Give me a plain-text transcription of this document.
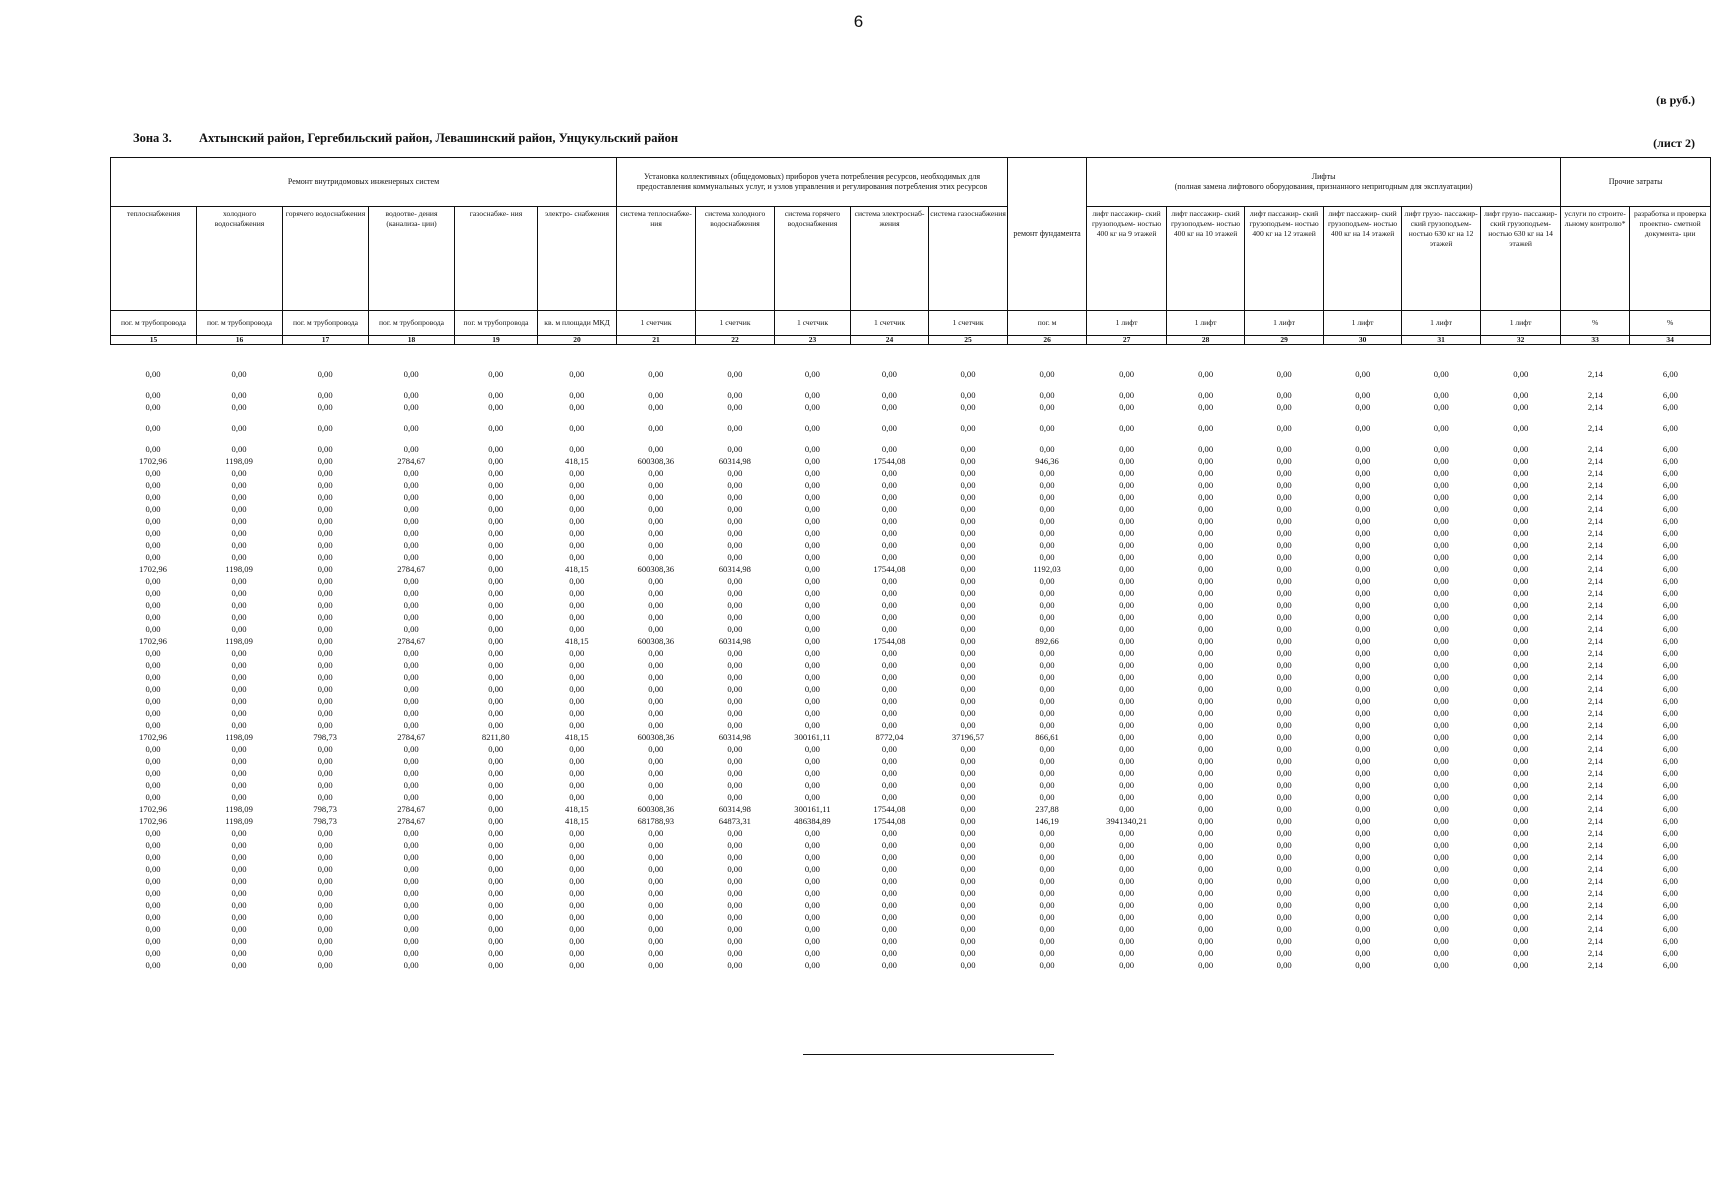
6
(в руб.)
Зона 3. Ахтынский район, Гергебильский район, Левашинский район, Унцукульский район	(лист 2)
Ремонт внутридомовых инженерных систем						Установка коллективных (общедомовых) приборов учета потребления ресурсов, необходимых для предоставления коммунальных услуг, и узлов управления и регулирования потребления этих ресурсов					ремонт фундамента	Лифты
(полная замена лифтового оборудования, признанного непригодным для эксплуатации)						Прочие затраты	
теплоснабжения	холодного водоснабжения	горячего водоснабжения	водоотве- дения (канализа- ции)	газоснабже- ния	электро- снабжения	система теплоснабже- ния	система холодного водоснабжения	система горячего водоснабжения	система электроснаб- жения	система газоснабжения		лифт пассажир- ский грузоподъем- ностью 400 кг на 9 этажей	лифт пассажир- ский грузоподъем- ностью 400 кг на 10 этажей	лифт пассажир- ский грузоподъем- ностью 400 кг на 12 этажей	лифт пассажир- ский грузоподъем- ностью 400 кг на 14 этажей	лифт грузо- пассажир- ский грузоподъем- ностью 630 кг на 12 этажей	лифт грузо- пассажир- ский грузоподъем- ностью 630 кг на 14 этажей	услуги по строите- льному контролю*	разработка и проверка проектно- сметной документа- ции
пог. м трубопровода	пог. м трубопровода	пог. м трубопровода	пог. м трубопровода	пог. м трубопровода	кв. м площади МКД	1 счетчик	1 счетчик	1 счетчик	1 счетчик	1 счетчик	пог. м	1 лифт	1 лифт	1 лифт	1 лифт	1 лифт	1 лифт	%	%
15	16	17	18	19	20	21	22	23	24	25	26	27	28	29	30	31	32	33	34
0,00	0,00	0,00	0,00	0,00	0,00	0,00	0,00	0,00	0,00	0,00	0,00	0,00	0,00	0,00	0,00	0,00	0,00	2,14	6,00

0,00	0,00	0,00	0,00	0,00	0,00	0,00	0,00	0,00	0,00	0,00	0,00	0,00	0,00	0,00	0,00	0,00	0,00	2,14	6,00
0,00	0,00	0,00	0,00	0,00	0,00	0,00	0,00	0,00	0,00	0,00	0,00	0,00	0,00	0,00	0,00	0,00	0,00	2,14	6,00

0,00	0,00	0,00	0,00	0,00	0,00	0,00	0,00	0,00	0,00	0,00	0,00	0,00	0,00	0,00	0,00	0,00	0,00	2,14	6,00

0,00	0,00	0,00	0,00	0,00	0,00	0,00	0,00	0,00	0,00	0,00	0,00	0,00	0,00	0,00	0,00	0,00	0,00	2,14	6,00
1702,96	1198,09	0,00	2784,67	0,00	418,15	600308,36	60314,98	0,00	17544,08	0,00	946,36	0,00	0,00	0,00	0,00	0,00	0,00	2,14	6,00
0,00	0,00	0,00	0,00	0,00	0,00	0,00	0,00	0,00	0,00	0,00	0,00	0,00	0,00	0,00	0,00	0,00	0,00	2,14	6,00
0,00	0,00	0,00	0,00	0,00	0,00	0,00	0,00	0,00	0,00	0,00	0,00	0,00	0,00	0,00	0,00	0,00	0,00	2,14	6,00
0,00	0,00	0,00	0,00	0,00	0,00	0,00	0,00	0,00	0,00	0,00	0,00	0,00	0,00	0,00	0,00	0,00	0,00	2,14	6,00
0,00	0,00	0,00	0,00	0,00	0,00	0,00	0,00	0,00	0,00	0,00	0,00	0,00	0,00	0,00	0,00	0,00	0,00	2,14	6,00
0,00	0,00	0,00	0,00	0,00	0,00	0,00	0,00	0,00	0,00	0,00	0,00	0,00	0,00	0,00	0,00	0,00	0,00	2,14	6,00
0,00	0,00	0,00	0,00	0,00	0,00	0,00	0,00	0,00	0,00	0,00	0,00	0,00	0,00	0,00	0,00	0,00	0,00	2,14	6,00
0,00	0,00	0,00	0,00	0,00	0,00	0,00	0,00	0,00	0,00	0,00	0,00	0,00	0,00	0,00	0,00	0,00	0,00	2,14	6,00
0,00	0,00	0,00	0,00	0,00	0,00	0,00	0,00	0,00	0,00	0,00	0,00	0,00	0,00	0,00	0,00	0,00	0,00	2,14	6,00
1702,96	1198,09	0,00	2784,67	0,00	418,15	600308,36	60314,98	0,00	17544,08	0,00	1192,03	0,00	0,00	0,00	0,00	0,00	0,00	2,14	6,00
0,00	0,00	0,00	0,00	0,00	0,00	0,00	0,00	0,00	0,00	0,00	0,00	0,00	0,00	0,00	0,00	0,00	0,00	2,14	6,00
0,00	0,00	0,00	0,00	0,00	0,00	0,00	0,00	0,00	0,00	0,00	0,00	0,00	0,00	0,00	0,00	0,00	0,00	2,14	6,00
0,00	0,00	0,00	0,00	0,00	0,00	0,00	0,00	0,00	0,00	0,00	0,00	0,00	0,00	0,00	0,00	0,00	0,00	2,14	6,00
0,00	0,00	0,00	0,00	0,00	0,00	0,00	0,00	0,00	0,00	0,00	0,00	0,00	0,00	0,00	0,00	0,00	0,00	2,14	6,00
0,00	0,00	0,00	0,00	0,00	0,00	0,00	0,00	0,00	0,00	0,00	0,00	0,00	0,00	0,00	0,00	0,00	0,00	2,14	6,00
1702,96	1198,09	0,00	2784,67	0,00	418,15	600308,36	60314,98	0,00	17544,08	0,00	892,66	0,00	0,00	0,00	0,00	0,00	0,00	2,14	6,00
0,00	0,00	0,00	0,00	0,00	0,00	0,00	0,00	0,00	0,00	0,00	0,00	0,00	0,00	0,00	0,00	0,00	0,00	2,14	6,00
0,00	0,00	0,00	0,00	0,00	0,00	0,00	0,00	0,00	0,00	0,00	0,00	0,00	0,00	0,00	0,00	0,00	0,00	2,14	6,00
0,00	0,00	0,00	0,00	0,00	0,00	0,00	0,00	0,00	0,00	0,00	0,00	0,00	0,00	0,00	0,00	0,00	0,00	2,14	6,00
0,00	0,00	0,00	0,00	0,00	0,00	0,00	0,00	0,00	0,00	0,00	0,00	0,00	0,00	0,00	0,00	0,00	0,00	2,14	6,00
0,00	0,00	0,00	0,00	0,00	0,00	0,00	0,00	0,00	0,00	0,00	0,00	0,00	0,00	0,00	0,00	0,00	0,00	2,14	6,00
0,00	0,00	0,00	0,00	0,00	0,00	0,00	0,00	0,00	0,00	0,00	0,00	0,00	0,00	0,00	0,00	0,00	0,00	2,14	6,00
0,00	0,00	0,00	0,00	0,00	0,00	0,00	0,00	0,00	0,00	0,00	0,00	0,00	0,00	0,00	0,00	0,00	0,00	2,14	6,00
1702,96	1198,09	798,73	2784,67	8211,80	418,15	600308,36	60314,98	300161,11	8772,04	37196,57	866,61	0,00	0,00	0,00	0,00	0,00	0,00	2,14	6,00
0,00	0,00	0,00	0,00	0,00	0,00	0,00	0,00	0,00	0,00	0,00	0,00	0,00	0,00	0,00	0,00	0,00	0,00	2,14	6,00
0,00	0,00	0,00	0,00	0,00	0,00	0,00	0,00	0,00	0,00	0,00	0,00	0,00	0,00	0,00	0,00	0,00	0,00	2,14	6,00
0,00	0,00	0,00	0,00	0,00	0,00	0,00	0,00	0,00	0,00	0,00	0,00	0,00	0,00	0,00	0,00	0,00	0,00	2,14	6,00
0,00	0,00	0,00	0,00	0,00	0,00	0,00	0,00	0,00	0,00	0,00	0,00	0,00	0,00	0,00	0,00	0,00	0,00	2,14	6,00
0,00	0,00	0,00	0,00	0,00	0,00	0,00	0,00	0,00	0,00	0,00	0,00	0,00	0,00	0,00	0,00	0,00	0,00	2,14	6,00
1702,96	1198,09	798,73	2784,67	0,00	418,15	600308,36	60314,98	300161,11	17544,08	0,00	237,88	0,00	0,00	0,00	0,00	0,00	0,00	2,14	6,00
1702,96	1198,09	798,73	2784,67	0,00	418,15	681788,93	64873,31	486384,89	17544,08	0,00	146,19	3941340,21	0,00	0,00	0,00	0,00	0,00	2,14	6,00
0,00	0,00	0,00	0,00	0,00	0,00	0,00	0,00	0,00	0,00	0,00	0,00	0,00	0,00	0,00	0,00	0,00	0,00	2,14	6,00
0,00	0,00	0,00	0,00	0,00	0,00	0,00	0,00	0,00	0,00	0,00	0,00	0,00	0,00	0,00	0,00	0,00	0,00	2,14	6,00
0,00	0,00	0,00	0,00	0,00	0,00	0,00	0,00	0,00	0,00	0,00	0,00	0,00	0,00	0,00	0,00	0,00	0,00	2,14	6,00
0,00	0,00	0,00	0,00	0,00	0,00	0,00	0,00	0,00	0,00	0,00	0,00	0,00	0,00	0,00	0,00	0,00	0,00	2,14	6,00
0,00	0,00	0,00	0,00	0,00	0,00	0,00	0,00	0,00	0,00	0,00	0,00	0,00	0,00	0,00	0,00	0,00	0,00	2,14	6,00
0,00	0,00	0,00	0,00	0,00	0,00	0,00	0,00	0,00	0,00	0,00	0,00	0,00	0,00	0,00	0,00	0,00	0,00	2,14	6,00
0,00	0,00	0,00	0,00	0,00	0,00	0,00	0,00	0,00	0,00	0,00	0,00	0,00	0,00	0,00	0,00	0,00	0,00	2,14	6,00
0,00	0,00	0,00	0,00	0,00	0,00	0,00	0,00	0,00	0,00	0,00	0,00	0,00	0,00	0,00	0,00	0,00	0,00	2,14	6,00
0,00	0,00	0,00	0,00	0,00	0,00	0,00	0,00	0,00	0,00	0,00	0,00	0,00	0,00	0,00	0,00	0,00	0,00	2,14	6,00
0,00	0,00	0,00	0,00	0,00	0,00	0,00	0,00	0,00	0,00	0,00	0,00	0,00	0,00	0,00	0,00	0,00	0,00	2,14	6,00
0,00	0,00	0,00	0,00	0,00	0,00	0,00	0,00	0,00	0,00	0,00	0,00	0,00	0,00	0,00	0,00	0,00	0,00	2,14	6,00
0,00	0,00	0,00	0,00	0,00	0,00	0,00	0,00	0,00	0,00	0,00	0,00	0,00	0,00	0,00	0,00	0,00	0,00	2,14	6,00
